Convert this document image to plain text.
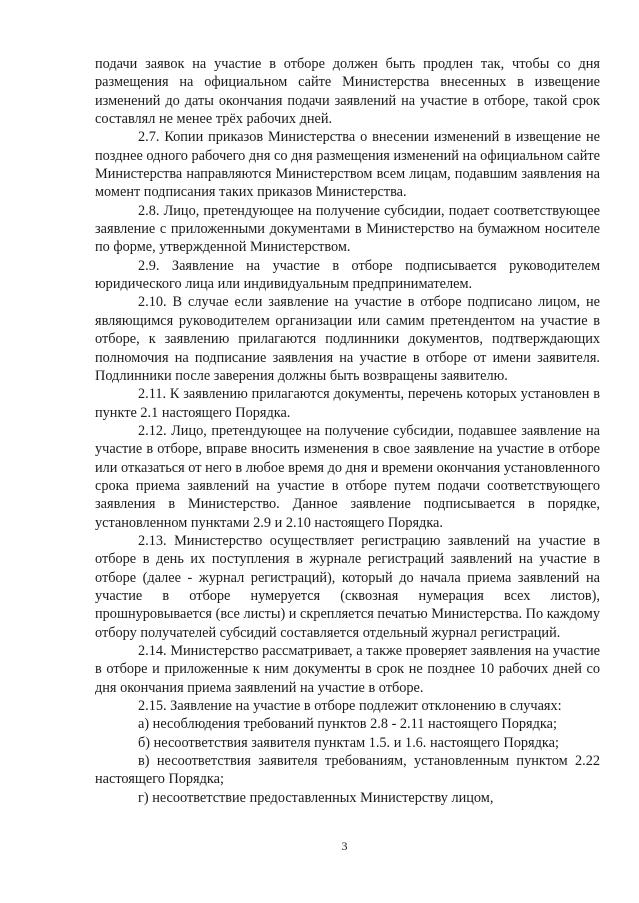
подачи заявок на участие в отборе должен быть продлен так, чтобы со дня размещения на официальном сайте Министерства внесенных в извещение изменений до даты окончания подачи заявлений на участие в отборе, такой срок составлял не менее трёх рабочих дней.

2.7. Копии приказов Министерства о внесении изменений в извещение не позднее одного рабочего дня со дня размещения изменений на официальном сайте Министерства направляются Министерством всем лицам, подавшим заявления на момент подписания таких приказов Министерства.

2.8. Лицо, претендующее на получение субсидии, подает соответствующее заявление с приложенными документами в Министерство на бумажном носителе по форме, утвержденной Министерством.

2.9. Заявление на участие в отборе подписывается руководителем юридического лица или индивидуальным предпринимателем.

2.10. В случае если заявление на участие в отборе подписано лицом, не являющимся руководителем организации или самим претендентом на участие в отборе, к заявлению прилагаются подлинники документов, подтверждающих полномочия на подписание заявления на участие в отборе от имени заявителя. Подлинники после заверения должны быть возвращены заявителю.

2.11. К заявлению прилагаются документы, перечень которых установлен в пункте 2.1 настоящего Порядка.

2.12. Лицо, претендующее на получение субсидии, подавшее заявление на участие в отборе, вправе вносить изменения в свое заявление на участие в отборе или отказаться от него в любое время до дня и времени окончания установленного срока приема заявлений на участие в отборе путем подачи соответствующего заявления в Министерство. Данное заявление подписывается в порядке, установленном пунктами 2.9 и 2.10 настоящего Порядка.

2.13. Министерство осуществляет регистрацию заявлений на участие в отборе в день их поступления в журнале регистраций заявлений на участие в отборе (далее - журнал регистраций), который до начала приема заявлений на участие в отборе нумеруется (сквозная нумерация всех листов), прошнуровывается (все листы) и скрепляется печатью Министерства. По каждому отбору получателей субсидий составляется отдельный журнал регистраций.

2.14. Министерство рассматривает, а также проверяет заявления на участие в отборе и приложенные к ним документы в срок не позднее 10 рабочих дней со дня окончания приема заявлений на участие в отборе.

2.15. Заявление на участие в отборе подлежит отклонению в случаях:

а) несоблюдения требований пунктов 2.8 - 2.11 настоящего Порядка;

б) несоответствия заявителя пунктам 1.5. и 1.6. настоящего Порядка;

в) несоответствия заявителя требованиям, установленным пунктом 2.22 настоящего Порядка;

г) несоответствие предоставленных Министерству лицом,

3
